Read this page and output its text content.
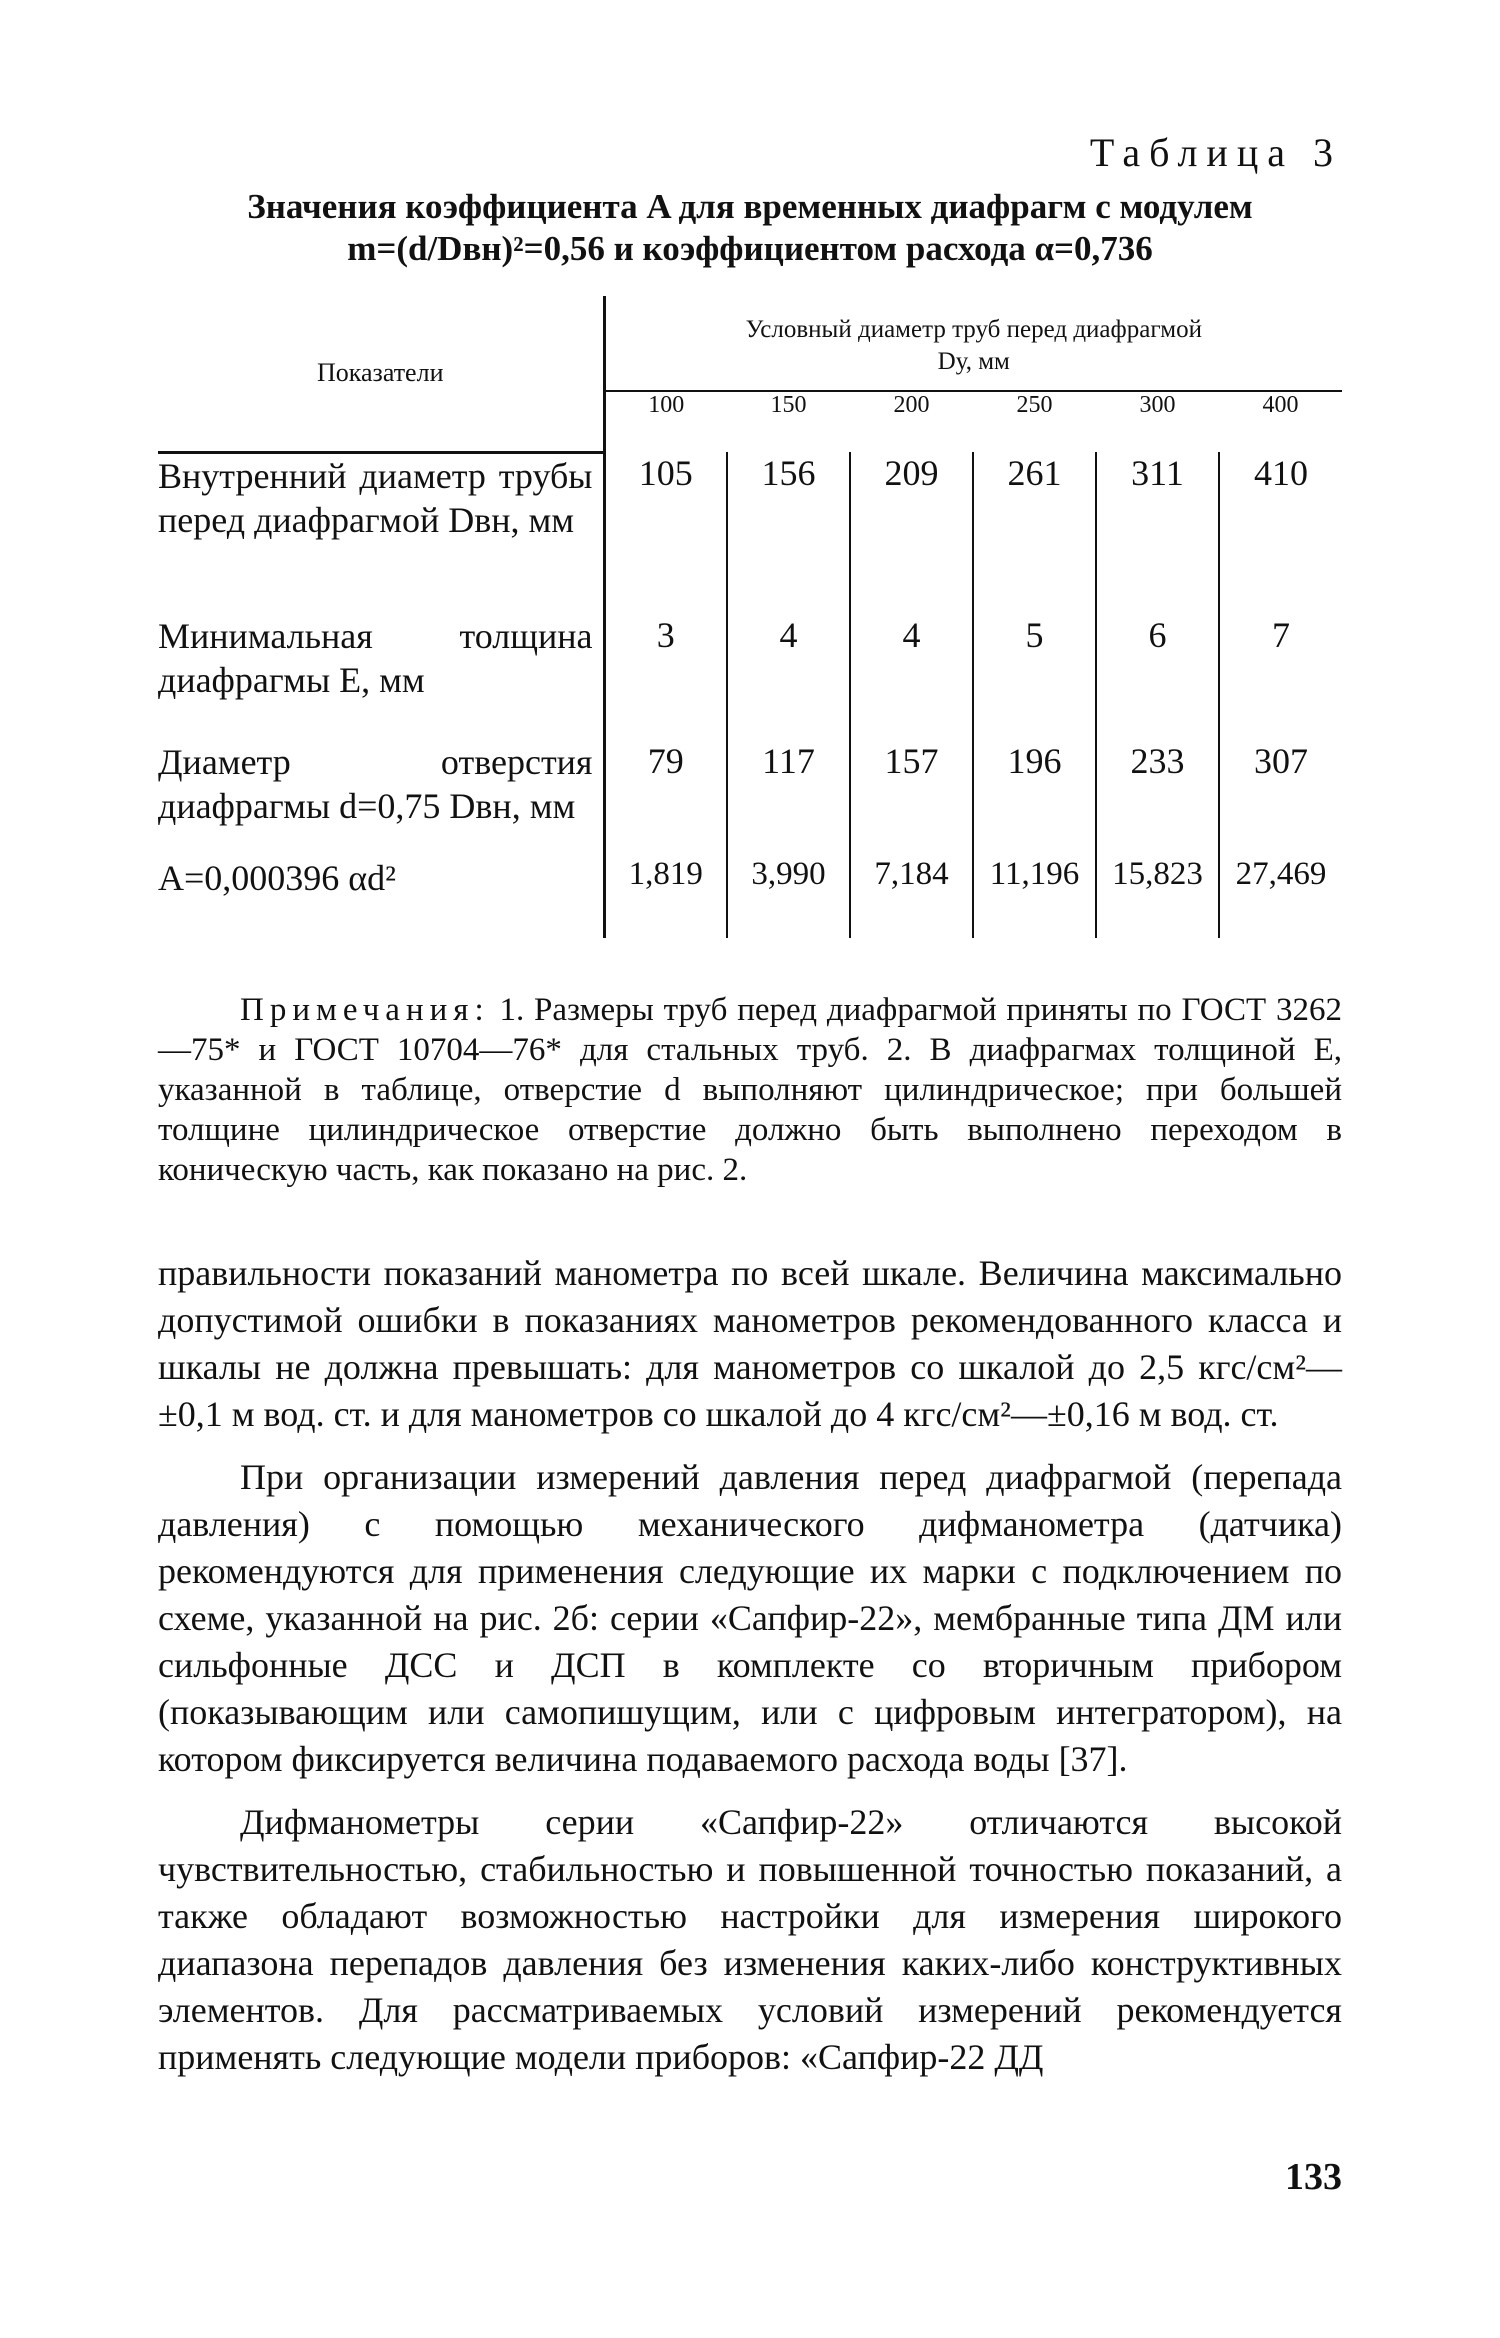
Таблица 3
Значения коэффициента A для временных диафрагм с модулем
m=(d/Dвн)²=0,56 и коэффициентом расхода α=0,736
Показатели	Условный диаметр труб перед диафрагмой
Dу, мм					

	100	150	200	250	300	400
Внутренний диаметр трубы перед диафрагмой Dвн, мм	105	156	209	261	311	410
Минимальная толщина диафрагмы E, мм	3	4	4	5	6	7
Диаметр отверстия диафрагмы d=0,75 Dвн, мм	79	117	157	196	233	307
A=0,000396 αd²	1,819	3,990	7,184	11,196	15,823	27,469

Примечания: 1. Размеры труб перед диафрагмой приняты по ГОСТ 3262—75* и ГОСТ 10704—76* для стальных труб. 2. В диафрагмах толщиной E, указанной в таблице, отверстие d выполняют цилиндрическое; при большей толщине цилиндрическое отверстие должно быть выполнено переходом в коническую часть, как показано на рис. 2.

правильности показаний манометра по всей шкале. Величина максимально допустимой ошибки в показаниях манометров рекомендованного класса и шкалы не должна превышать: для манометров со шкалой до 2,5 кгс/см²—±0,1 м вод. ст. и для манометров со шкалой до 4 кгс/см²—±0,16 м вод. ст.

При организации измерений давления перед диафрагмой (перепада давления) с помощью механического дифманометра (датчика) рекомендуются для применения следующие их марки с подключением по схеме, указанной на рис. 2б: серии «Сапфир-22», мембранные типа ДМ или сильфонные ДСС и ДСП в комплекте со вторичным прибором (показывающим или самопишущим, или с цифровым интегратором), на котором фиксируется величина подаваемого расхода воды [37].

Дифманометры серии «Сапфир-22» отличаются высокой чувствительностью, стабильностью и повышенной точностью показаний, а также обладают возможностью настройки для измерения широкого диапазона перепадов давления без изменения каких-либо конструктивных элементов. Для рассматриваемых условий измерений рекомендуется применять следующие модели приборов: «Сапфир-22 ДД

133
